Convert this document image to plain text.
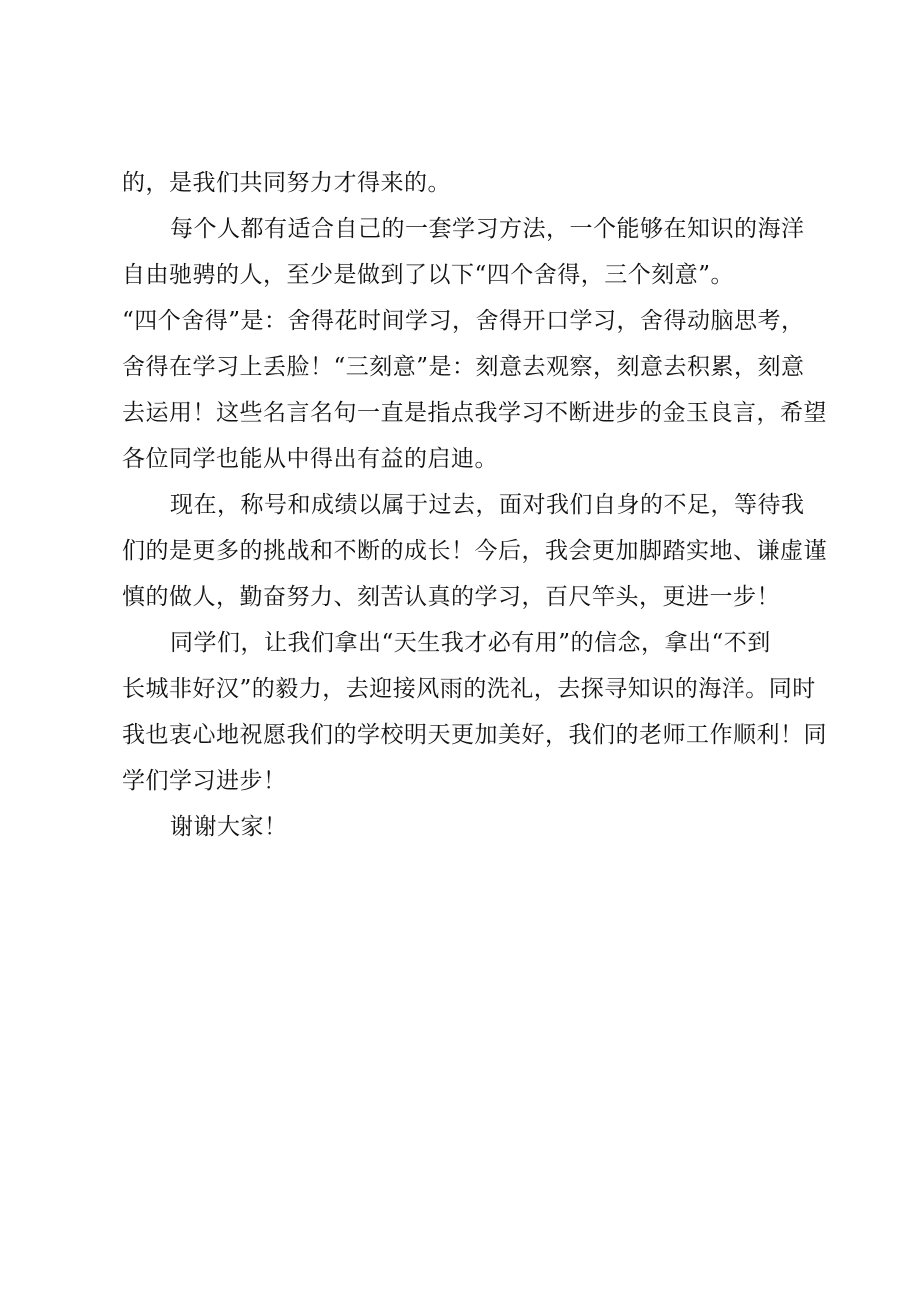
的，是我们共同努力才得来的。
每个人都有适合自己的一套学习方法，一个能够在知识的海洋
自由驰骋的人，至少是做到了以下“四个舍得，三个刻意”。
“四个舍得”是：舍得花时间学习，舍得开口学习，舍得动脑思考，
舍得在学习上丢脸！“三刻意”是：刻意去观察，刻意去积累，刻意
去运用！这些名言名句一直是指点我学习不断进步的金玉良言，希望
各位同学也能从中得出有益的启迪。
现在，称号和成绩以属于过去，面对我们自身的不足，等待我
们的是更多的挑战和不断的成长！今后，我会更加脚踏实地、谦虚谨
慎的做人，勤奋努力、刻苦认真的学习，百尺竿头，更进一步！
同学们，让我们拿出“天生我才必有用”的信念，拿出“不到
长城非好汉”的毅力，去迎接风雨的洗礼，去探寻知识的海洋。同时
我也衷心地祝愿我们的学校明天更加美好，我们的老师工作顺利！同
学们学习进步！
谢谢大家！
